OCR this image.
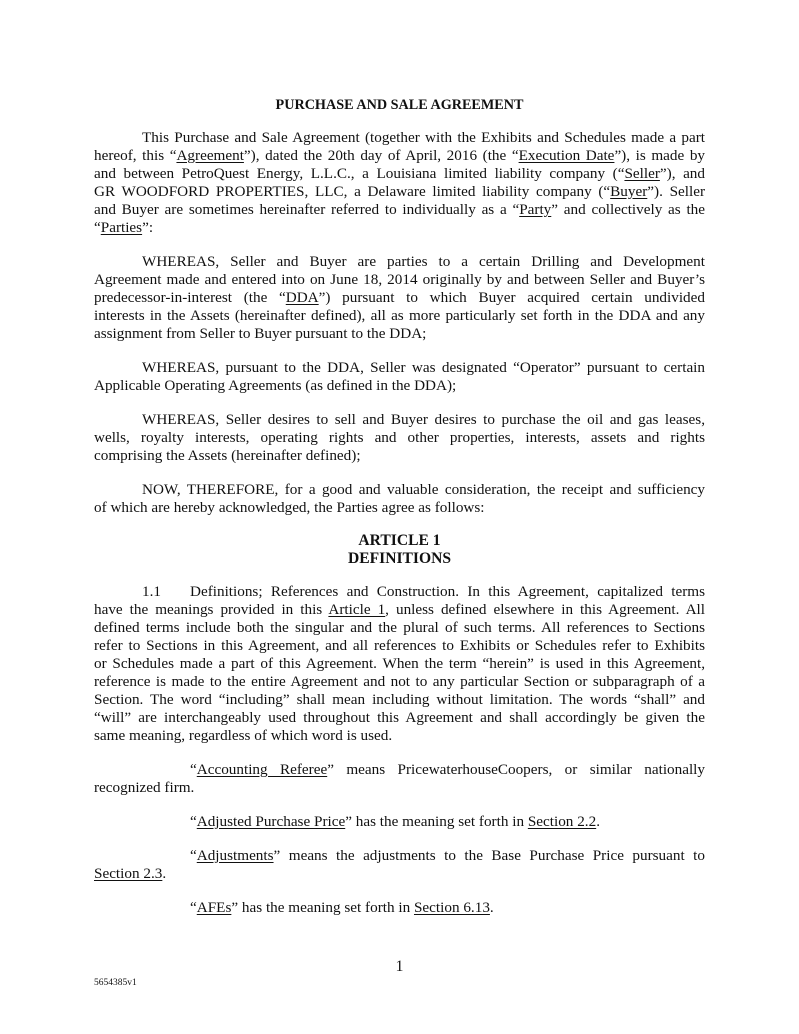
PURCHASE AND SALE AGREEMENT
This Purchase and Sale Agreement (together with the Exhibits and Schedules made a part
hereof, this “Agreement”), dated the 20th day of April, 2016 (the “Execution Date”), is made by
and between PetroQuest Energy, L.L.C., a Louisiana limited liability company (“Seller”), and
GR WOODFORD PROPERTIES, LLC, a Delaware limited liability company (“Buyer”). Seller
and Buyer are sometimes hereinafter referred to individually as a “Party” and collectively as the
“Parties”:
WHEREAS, Seller and Buyer are parties to a certain Drilling and Development
Agreement made and entered into on June 18, 2014 originally by and between Seller and Buyer’s
predecessor-in-interest (the “DDA”) pursuant to which Buyer acquired certain undivided
interests in the Assets (hereinafter defined), all as more particularly set forth in the DDA and any
assignment from Seller to Buyer pursuant to the DDA;
WHEREAS, pursuant to the DDA, Seller was designated “Operator” pursuant to certain
Applicable Operating Agreements (as defined in the DDA);
WHEREAS, Seller desires to sell and Buyer desires to purchase the oil and gas leases,
wells, royalty interests, operating rights and other properties, interests, assets and rights
comprising the Assets (hereinafter defined);
NOW, THEREFORE, for a good and valuable consideration, the receipt and sufficiency
of which are hereby acknowledged, the Parties agree as follows:
ARTICLE 1
DEFINITIONS
1.1 Definitions; References and Construction. In this Agreement, capitalized terms
have the meanings provided in this Article 1, unless defined elsewhere in this Agreement. All
defined terms include both the singular and the plural of such terms. All references to Sections
refer to Sections in this Agreement, and all references to Exhibits or Schedules refer to Exhibits
or Schedules made a part of this Agreement. When the term “herein” is used in this Agreement,
reference is made to the entire Agreement and not to any particular Section or subparagraph of a
Section. The word “including” shall mean including without limitation. The words “shall” and
“will” are interchangeably used throughout this Agreement and shall accordingly be given the
same meaning, regardless of which word is used.
“Accounting Referee” means PricewaterhouseCoopers, or similar nationally
recognized firm.
“Adjusted Purchase Price” has the meaning set forth in Section 2.2.
“Adjustments” means the adjustments to the Base Purchase Price pursuant to
Section 2.3.
“AFEs” has the meaning set forth in Section 6.13.
1
5654385v1
